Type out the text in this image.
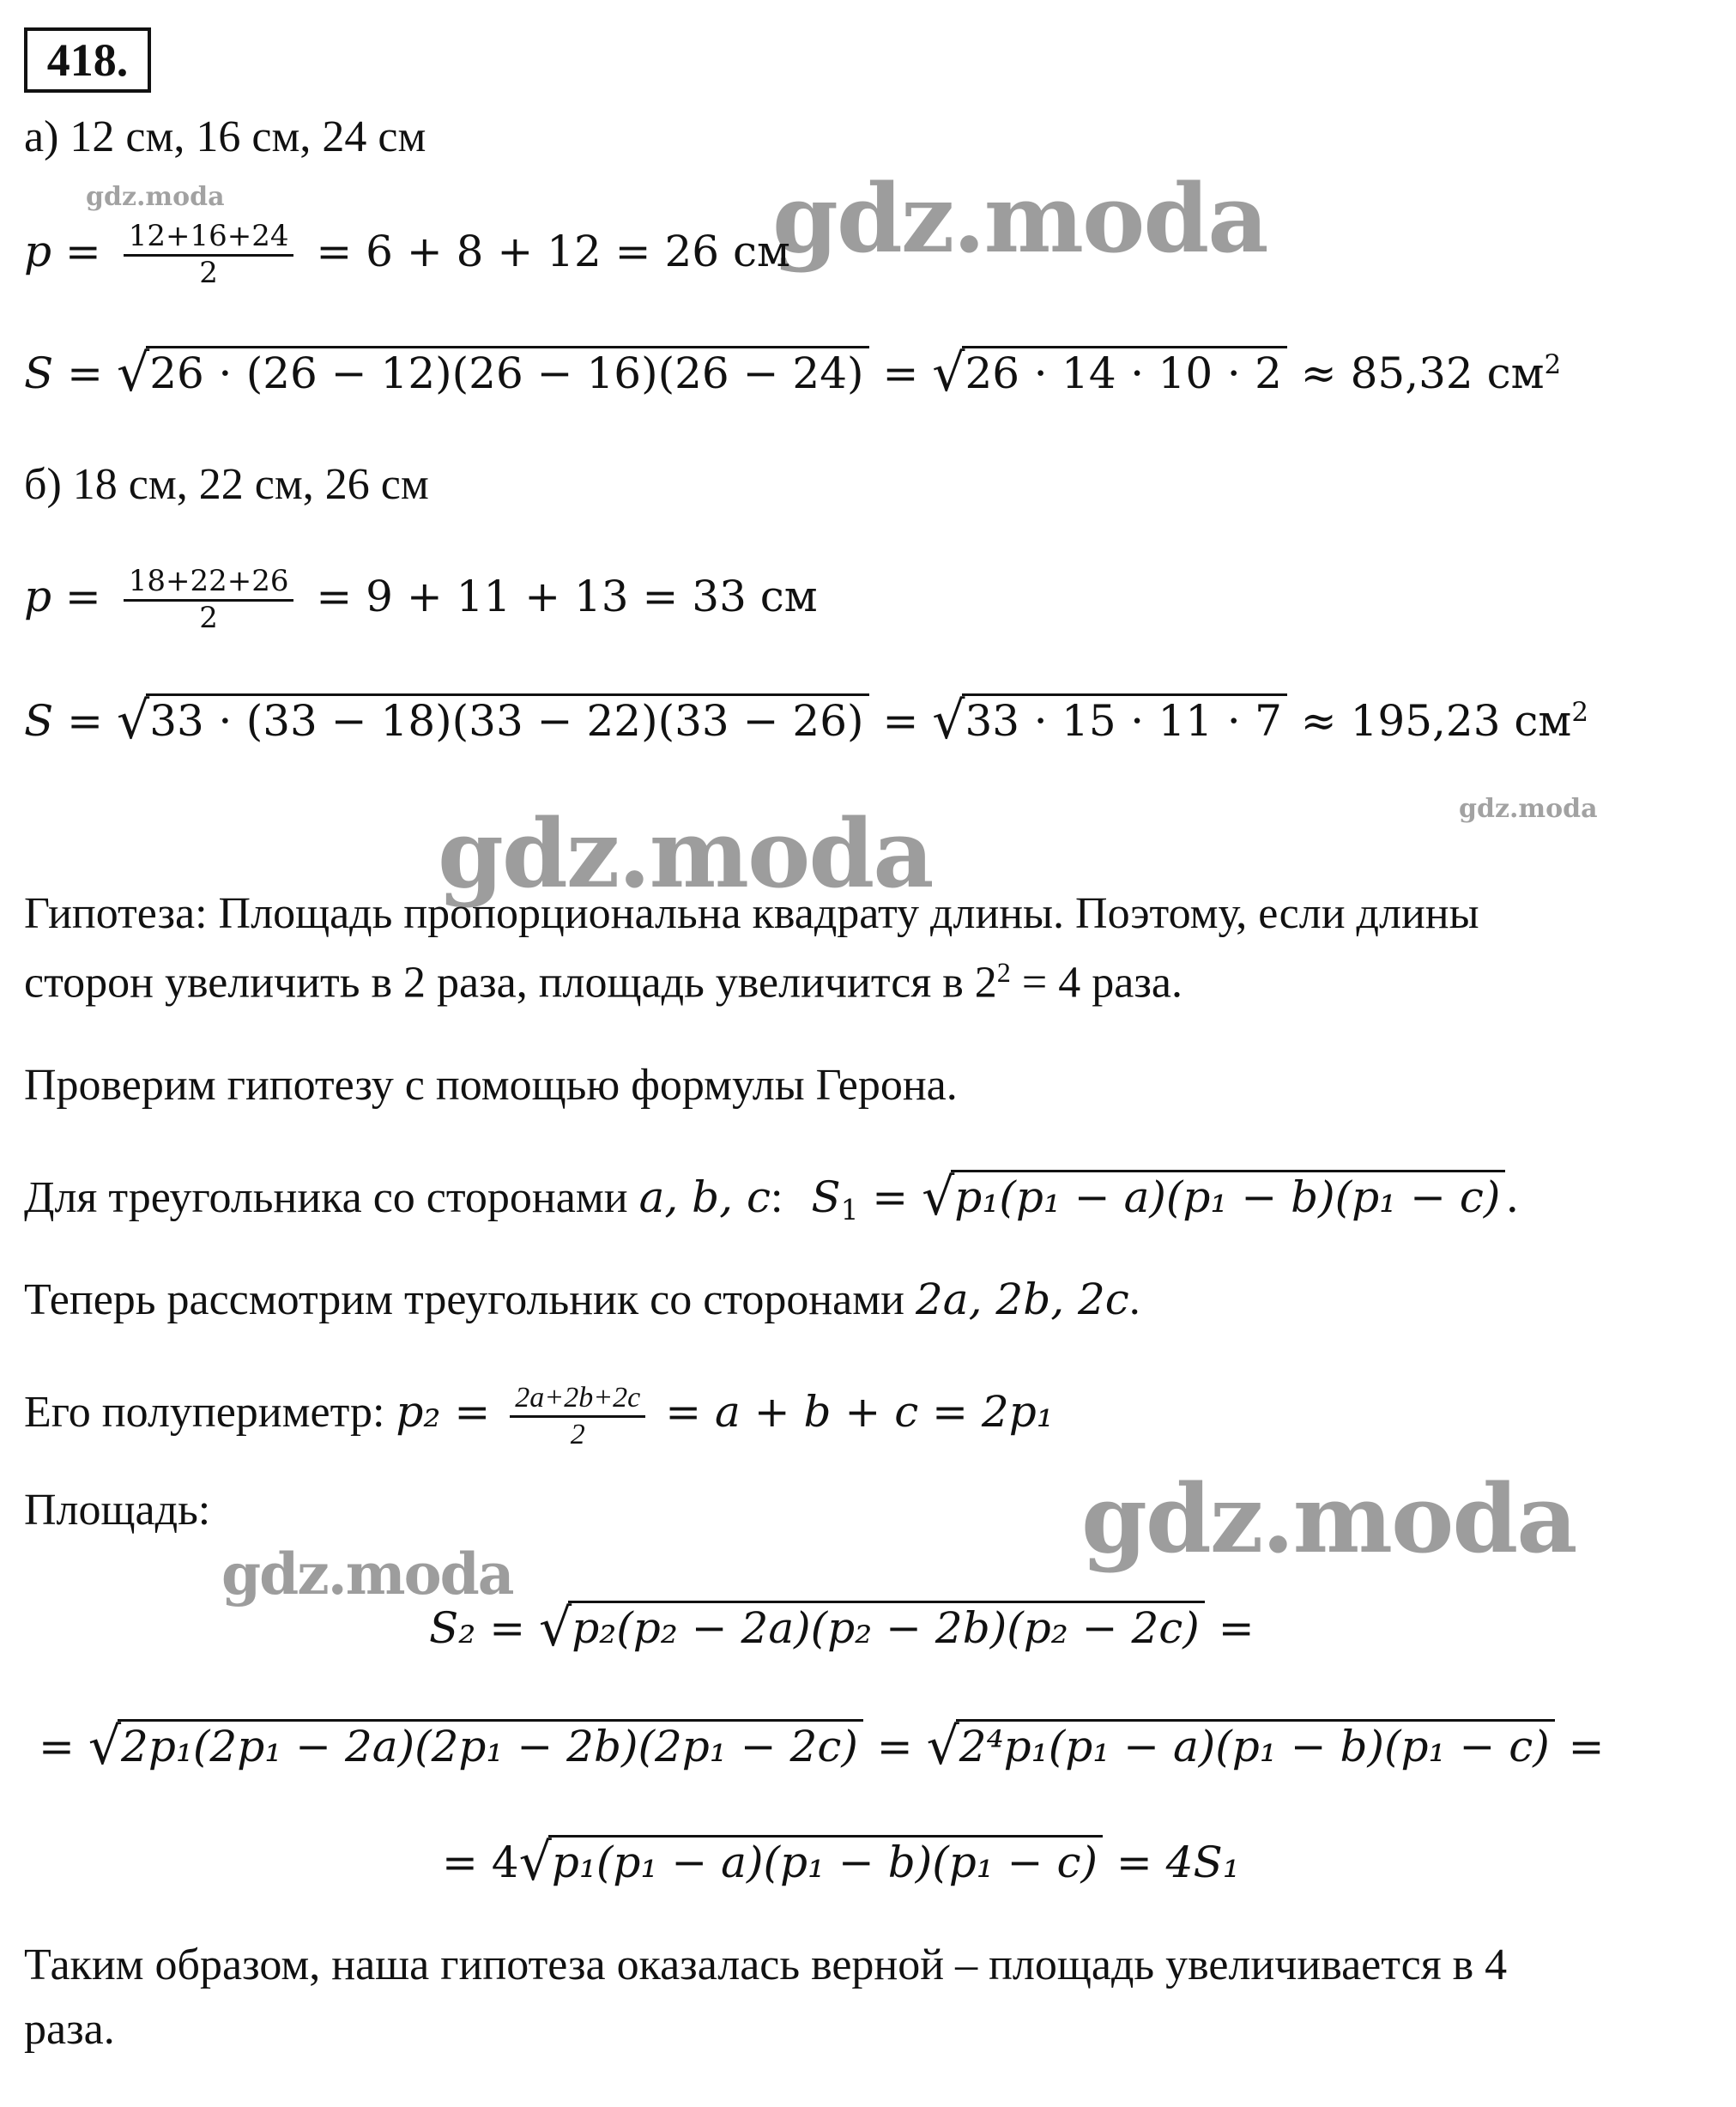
418.
а) 12 см, 16 см, 24 см
gdz.moda	gdz.moda
$p = \frac{12+16+24}{2} = 6 + 8 + 12 = 26$ см
S = √26 ⋅ (26 − 12)(26 − 16)(26 − 24) = √26 ⋅ 14 ⋅ 10 ⋅ 2 ≈ 85,32 $см^2$
б) 18 см, 22 см, 26 см
$p = \frac{18+22+26}{2} = 9 + 11 + 13 = 33$ см
S = √33 ⋅ (33 − 18)(33 − 22)(33 − 26) = √33 ⋅ 15 ⋅ 11 ⋅ 7 ≈ 195,23 $см^2$
gdz.moda
gdz.moda
Гипотеза: Площадь пропорциональна квадрату длины. Поэтому, если длины
сторон увеличить в 2 раза, площадь увеличится в $2^2 = 4$ раза.
Проверим гипотезу с помощью формулы Герона.
Для треугольника со сторонами a, b, c: $S_1 = √p_1(p_1 - a)(p_1 - b)(p_1 - c)$ .
Теперь рассмотрим треугольник со сторонами 2a, 2b, 2c.
Его полупериметр: $p_2 = \frac{2a+2b+2c}{2} = a + b + c = 2p_1$
Площадь:	gdz.moda
gdz.moda
S₂ = √p₂(p₂ − 2a)(p₂ − 2b)(p₂ − 2c) =
= √2p₁(2p₁ − 2a)(2p₁ − 2b)(2p₁ − 2c) = √2⁴p₁(p₁ − a)(p₁ − b)(p₁ − c) =
= 4√p₁(p₁ − a)(p₁ − b)(p₁ − c) = 4S₁
Таким образом, наша гипотеза оказалась верной – площадь увеличивается в 4
раза.
